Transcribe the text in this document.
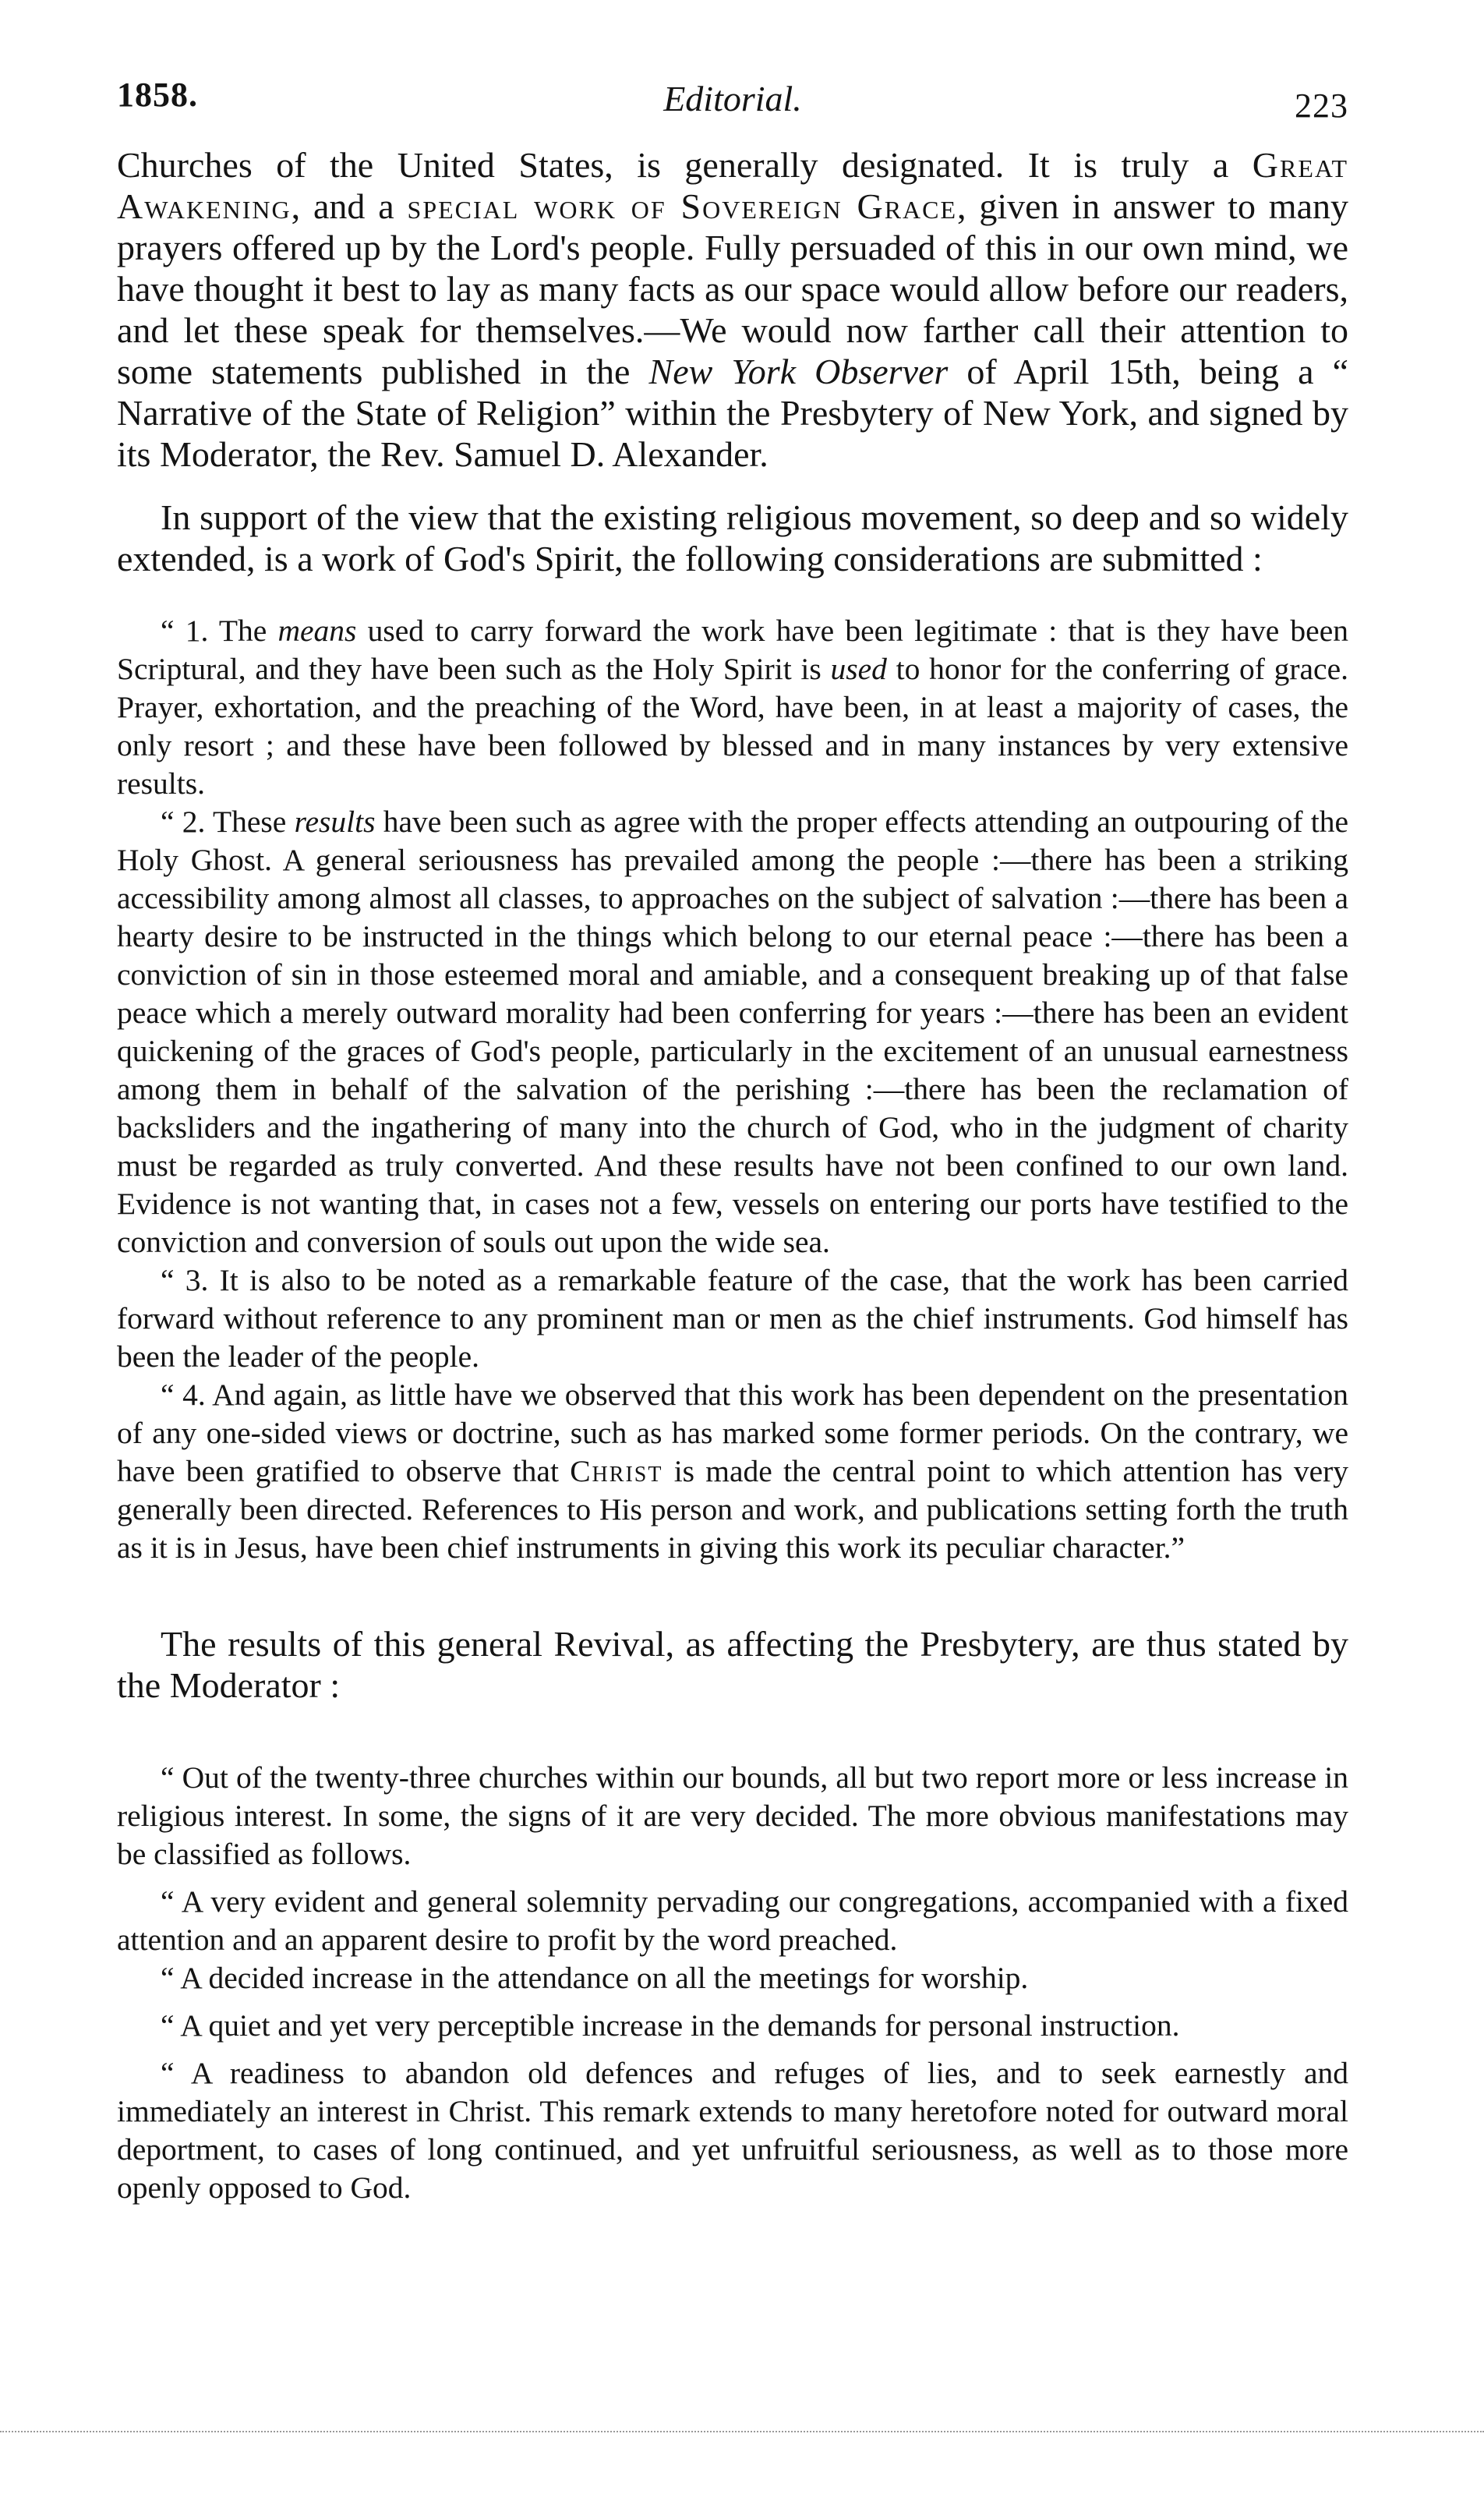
1858.	Editorial.	223

Churches of the United States, is generally designated. It is truly a Great Awakening, and a special work of Sovereign Grace, given in answer to many prayers offered up by the Lord's people. Fully persuaded of this in our own mind, we have thought it best to lay as many facts as our space would allow before our readers, and let these speak for themselves.—We would now farther call their attention to some statements published in the New York Observer of April 15th, being a “ Narrative of the State of Religion” within the Presbytery of New York, and signed by its Moderator, the Rev. Samuel D. Alexander.

In support of the view that the existing religious movement, so deep and so widely extended, is a work of God's Spirit, the following considerations are submitted :

“ 1. The means used to carry forward the work have been legitimate : that is they have been Scriptural, and they have been such as the Holy Spirit is used to honor for the conferring of grace. Prayer, exhortation, and the preaching of the Word, have been, in at least a majority of cases, the only resort ; and these have been followed by blessed and in many instances by very extensive results.

“ 2. These results have been such as agree with the proper effects attending an outpouring of the Holy Ghost. A general seriousness has prevailed among the people :—there has been a striking accessibility among almost all classes, to approaches on the subject of salvation :—there has been a hearty desire to be instructed in the things which belong to our eternal peace :—there has been a conviction of sin in those esteemed moral and amiable, and a consequent breaking up of that false peace which a merely outward morality had been conferring for years :—there has been an evident quickening of the graces of God's people, particularly in the excitement of an unusual earnestness among them in behalf of the salvation of the perishing :—there has been the reclamation of backsliders and the ingathering of many into the church of God, who in the judgment of charity must be regarded as truly converted. And these results have not been confined to our own land. Evidence is not wanting that, in cases not a few, vessels on entering our ports have testified to the conviction and conversion of souls out upon the wide sea.

“ 3. It is also to be noted as a remarkable feature of the case, that the work has been carried forward without reference to any prominent man or men as the chief instruments. God himself has been the leader of the people.

“ 4. And again, as little have we observed that this work has been dependent on the presentation of any one-sided views or doctrine, such as has marked some former periods. On the contrary, we have been gratified to observe that Christ is made the central point to which attention has very generally been directed. References to His person and work, and publications setting forth the truth as it is in Jesus, have been chief instruments in giving this work its peculiar character.”

The results of this general Revival, as affecting the Presbytery, are thus stated by the Moderator :

“ Out of the twenty-three churches within our bounds, all but two report more or less increase in religious interest. In some, the signs of it are very decided. The more obvious manifestations may be classified as follows.

“ A very evident and general solemnity pervading our congregations, accompanied with a fixed attention and an apparent desire to profit by the word preached.

“ A decided increase in the attendance on all the meetings for worship.

“ A quiet and yet very perceptible increase in the demands for personal instruction.

“ A readiness to abandon old defences and refuges of lies, and to seek earnestly and immediately an interest in Christ. This remark extends to many heretofore noted for outward moral deportment, to cases of long continued, and yet unfruitful seriousness, as well as to those more openly opposed to God.
